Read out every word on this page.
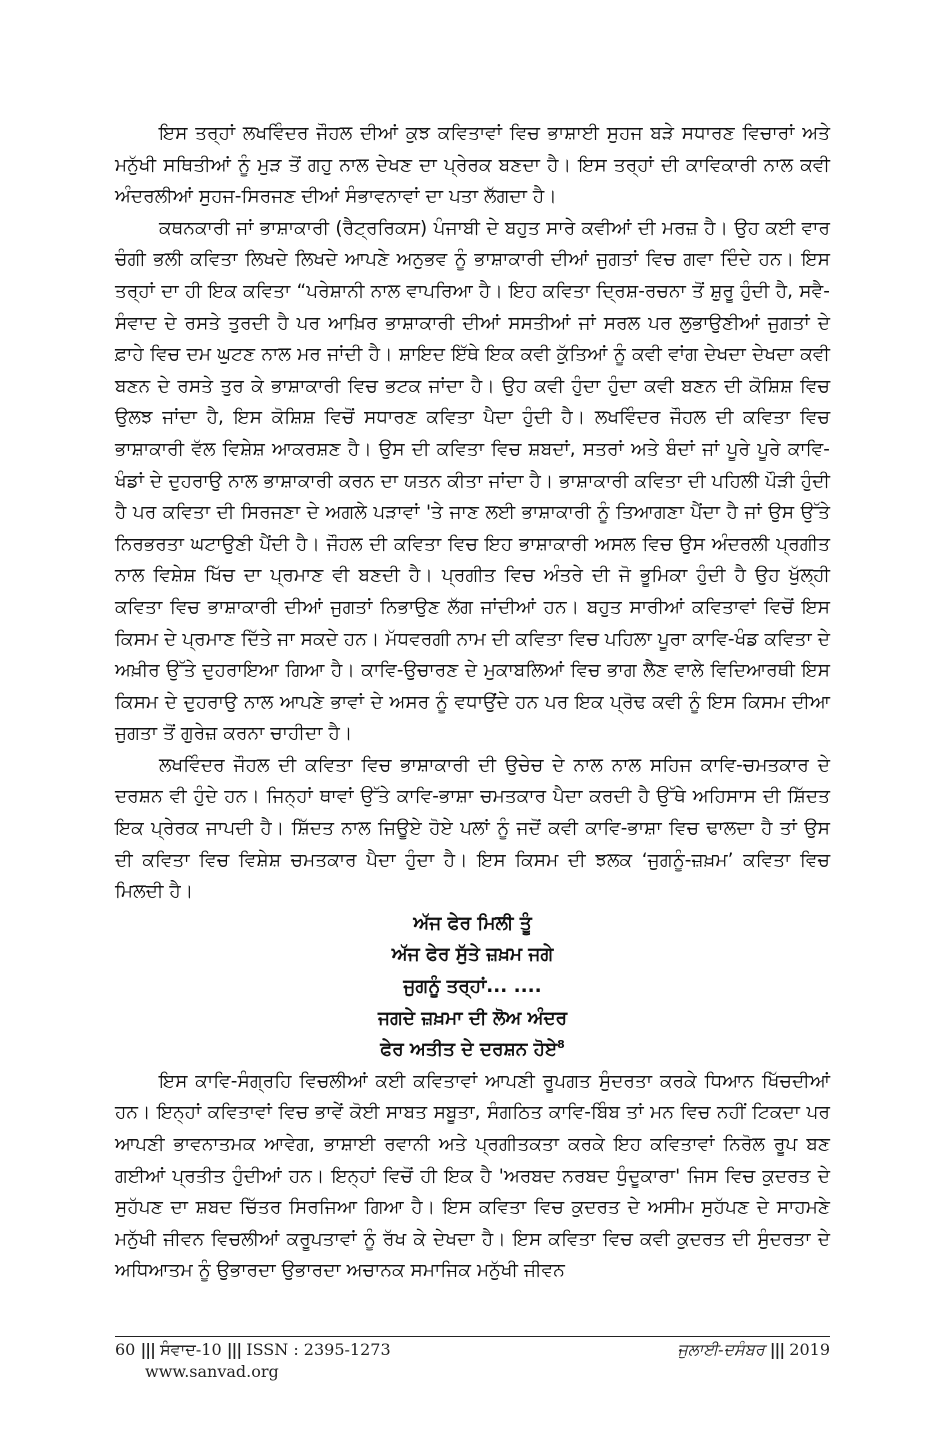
ਇਸ ਤਰ੍ਹਾਂ ਲਖਵਿੰਦਰ ਜੌਹਲ ਦੀਆਂ ਕੁਝ ਕਵਿਤਾਵਾਂ ਵਿਚ ਭਾਸ਼ਾਈ ਸੁਹਜ ਬੜੇ ਸਧਾਰਣ ਵਿਚਾਰਾਂ ਅਤੇ ਮਨੁੱਖੀ ਸਥਿਤੀਆਂ ਨੂੰ ਮੁੜ ਤੋਂ ਗਹੁ ਨਾਲ ਦੇਖਣ ਦਾ ਪ੍ਰੇਰਕ ਬਣਦਾ ਹੈ। ਇਸ ਤਰ੍ਹਾਂ ਦੀ ਕਾਵਿਕਾਰੀ ਨਾਲ ਕਵੀ ਅੰਦਰਲੀਆਂ ਸੁਹਜ-ਸਿਰਜਣ ਦੀਆਂ ਸੰਭਾਵਨਾਵਾਂ ਦਾ ਪਤਾ ਲੱਗਦਾ ਹੈ।

ਕਥਨਕਾਰੀ ਜਾਂ ਭਾਸ਼ਾਕਾਰੀ (ਰੈਟ੍ਰਰਿਕਸ) ਪੰਜਾਬੀ ਦੇ ਬਹੁਤ ਸਾਰੇ ਕਵੀਆਂ ਦੀ ਮਰਜ਼ ਹੈ। ਉਹ ਕਈ ਵਾਰ ਚੰਗੀ ਭਲੀ ਕਵਿਤਾ ਲਿਖਦੇ ਲਿਖਦੇ ਆਪਣੇ ਅਨੁਭਵ ਨੂੰ ਭਾਸ਼ਾਕਾਰੀ ਦੀਆਂ ਜੁਗਤਾਂ ਵਿਚ ਗਵਾ ਦਿੰਦੇ ਹਨ। ਇਸ ਤਰ੍ਹਾਂ ਦਾ ਹੀ ਇਕ ਕਵਿਤਾ “ਪਰੇਸ਼ਾਨੀ ਨਾਲ ਵਾਪਰਿਆ ਹੈ। ਇਹ ਕਵਿਤਾ ਦ੍ਰਿਸ਼-ਰਚਨਾ ਤੋਂ ਸ਼ੁਰੂ ਹੁੰਦੀ ਹੈ, ਸਵੈ-ਸੰਵਾਦ ਦੇ ਰਸਤੇ ਤੁਰਦੀ ਹੈ ਪਰ ਆਖ਼ਿਰ ਭਾਸ਼ਾਕਾਰੀ ਦੀਆਂ ਸਸਤੀਆਂ ਜਾਂ ਸਰਲ ਪਰ ਲੁਭਾਉਣੀਆਂ ਜੁਗਤਾਂ ਦੇ ਫ਼ਾਹੇ ਵਿਚ ਦਮ ਘੁਟਣ ਨਾਲ ਮਰ ਜਾਂਦੀ ਹੈ। ਸ਼ਾਇਦ ਇੱਥੇ ਇਕ ਕਵੀ ਕੁੱਤਿਆਂ ਨੂੰ ਕਵੀ ਵਾਂਗ ਦੇਖਦਾ ਦੇਖਦਾ ਕਵੀ ਬਣਨ ਦੇ ਰਸਤੇ ਤੁਰ ਕੇ ਭਾਸ਼ਾਕਾਰੀ ਵਿਚ ਭਟਕ ਜਾਂਦਾ ਹੈ। ਉਹ ਕਵੀ ਹੁੰਦਾ ਹੁੰਦਾ ਕਵੀ ਬਣਨ ਦੀ ਕੋਸ਼ਿਸ਼ ਵਿਚ ਉਲਝ ਜਾਂਦਾ ਹੈ, ਇਸ ਕੋਸ਼ਿਸ਼ ਵਿਚੋਂ ਸਧਾਰਣ ਕਵਿਤਾ ਪੈਦਾ ਹੁੰਦੀ ਹੈ। ਲਖਵਿੰਦਰ ਜੌਹਲ ਦੀ ਕਵਿਤਾ ਵਿਚ ਭਾਸ਼ਾਕਾਰੀ ਵੱਲ ਵਿਸ਼ੇਸ਼ ਆਕਰਸ਼ਣ ਹੈ। ਉਸ ਦੀ ਕਵਿਤਾ ਵਿਚ ਸ਼ਬਦਾਂ, ਸਤਰਾਂ ਅਤੇ ਬੰਦਾਂ ਜਾਂ ਪੂਰੇ ਪੂਰੇ ਕਾਵਿ-ਖੰਡਾਂ ਦੇ ਦੁਹਰਾਉ ਨਾਲ ਭਾਸ਼ਾਕਾਰੀ ਕਰਨ ਦਾ ਯਤਨ ਕੀਤਾ ਜਾਂਦਾ ਹੈ। ਭਾਸ਼ਾਕਾਰੀ ਕਵਿਤਾ ਦੀ ਪਹਿਲੀ ਪੌੜੀ ਹੁੰਦੀ ਹੈ ਪਰ ਕਵਿਤਾ ਦੀ ਸਿਰਜਣਾ ਦੇ ਅਗਲੇ ਪੜਾਵਾਂ 'ਤੇ ਜਾਣ ਲਈ ਭਾਸ਼ਾਕਾਰੀ ਨੂੰ ਤਿਆਗਣਾ ਪੈਂਦਾ ਹੈ ਜਾਂ ਉਸ ਉੱਤੇ ਨਿਰਭਰਤਾ ਘਟਾਉਣੀ ਪੈਂਦੀ ਹੈ। ਜੌਹਲ ਦੀ ਕਵਿਤਾ ਵਿਚ ਇਹ ਭਾਸ਼ਾਕਾਰੀ ਅਸਲ ਵਿਚ ਉਸ ਅੰਦਰਲੀ ਪ੍ਰਗੀਤ ਨਾਲ ਵਿਸ਼ੇਸ਼ ਖਿੱਚ ਦਾ ਪ੍ਰਮਾਣ ਵੀ ਬਣਦੀ ਹੈ। ਪ੍ਰਗੀਤ ਵਿਚ ਅੰਤਰੇ ਦੀ ਜੋ ਭੂਮਿਕਾ ਹੁੰਦੀ ਹੈ ਉਹ ਖੁੱਲ੍ਹੀ ਕਵਿਤਾ ਵਿਚ ਭਾਸ਼ਾਕਾਰੀ ਦੀਆਂ ਜੁਗਤਾਂ ਨਿਭਾਉਣ ਲੱਗ ਜਾਂਦੀਆਂ ਹਨ। ਬਹੁਤ ਸਾਰੀਆਂ ਕਵਿਤਾਵਾਂ ਵਿਚੋਂ ਇਸ ਕਿਸਮ ਦੇ ਪ੍ਰਮਾਣ ਦਿੱਤੇ ਜਾ ਸਕਦੇ ਹਨ। ਮੱਧਵਰਗੀ ਨਾਮ ਦੀ ਕਵਿਤਾ ਵਿਚ ਪਹਿਲਾ ਪੂਰਾ ਕਾਵਿ-ਖੰਡ ਕਵਿਤਾ ਦੇ ਅਖ਼ੀਰ ਉੱਤੇ ਦੁਹਰਾਇਆ ਗਿਆ ਹੈ। ਕਾਵਿ-ਉਚਾਰਣ ਦੇ ਮੁਕਾਬਲਿਆਂ ਵਿਚ ਭਾਗ ਲੈਣ ਵਾਲੇ ਵਿਦਿਆਰਥੀ ਇਸ ਕਿਸਮ ਦੇ ਦੁਹਰਾਉ ਨਾਲ ਆਪਣੇ ਭਾਵਾਂ ਦੇ ਅਸਰ ਨੂੰ ਵਧਾਉਂਦੇ ਹਨ ਪਰ ਇਕ ਪ੍ਰੋਢ ਕਵੀ ਨੂੰ ਇਸ ਕਿਸਮ ਦੀਆ ਜੁਗਤਾ ਤੋਂ ਗੁਰੇਜ਼ ਕਰਨਾ ਚਾਹੀਦਾ ਹੈ।

ਲਖਵਿੰਦਰ ਜੌਹਲ ਦੀ ਕਵਿਤਾ ਵਿਚ ਭਾਸ਼ਾਕਾਰੀ ਦੀ ਉਚੇਚ ਦੇ ਨਾਲ ਨਾਲ ਸਹਿਜ ਕਾਵਿ-ਚਮਤਕਾਰ ਦੇ ਦਰਸ਼ਨ ਵੀ ਹੁੰਦੇ ਹਨ। ਜਿਨ੍ਹਾਂ ਥਾਵਾਂ ਉੱਤੇ ਕਾਵਿ-ਭਾਸ਼ਾ ਚਮਤਕਾਰ ਪੈਦਾ ਕਰਦੀ ਹੈ ਉੱਥੇ ਅਹਿਸਾਸ ਦੀ ਸ਼ਿੱਦਤ ਇਕ ਪ੍ਰੇਰਕ ਜਾਪਦੀ ਹੈ। ਸ਼ਿੱਦਤ ਨਾਲ ਜਿਊਏ ਹੋਏ ਪਲਾਂ ਨੂੰ ਜਦੋਂ ਕਵੀ ਕਾਵਿ-ਭਾਸ਼ਾ ਵਿਚ ਢਾਲਦਾ ਹੈ ਤਾਂ ਉਸ ਦੀ ਕਵਿਤਾ ਵਿਚ ਵਿਸ਼ੇਸ਼ ਚਮਤਕਾਰ ਪੈਦਾ ਹੁੰਦਾ ਹੈ। ਇਸ ਕਿਸਮ ਦੀ ਝਲਕ ‘ਜੁਗਨੂੰ-ਜ਼ਖ਼ਮ’ ਕਵਿਤਾ ਵਿਚ ਮਿਲਦੀ ਹੈ।

ਅੱਜ ਫੇਰ ਮਿਲੀ ਤੂੰ

ਅੱਜ ਫੇਰ ਸੁੱਤੇ ਜ਼ਖ਼ਮ ਜਗੇ

ਜੁਗਨੂੰ ਤਰ੍ਹਾਂ... ....

ਜਗਦੇ ਜ਼ਖ਼ਮਾ ਦੀ ਲੋਅ ਅੰਦਰ

ਫੇਰ ਅਤੀਤ ਦੇ ਦਰਸ਼ਨ ਹੋਏ$^8$

ਇਸ ਕਾਵਿ-ਸੰਗ੍ਰਹਿ ਵਿਚਲੀਆਂ ਕਈ ਕਵਿਤਾਵਾਂ ਆਪਣੀ ਰੂਪਗਤ ਸੁੰਦਰਤਾ ਕਰਕੇ ਧਿਆਨ ਖਿੱਚਦੀਆਂ ਹਨ। ਇਨ੍ਹਾਂ ਕਵਿਤਾਵਾਂ ਵਿਚ ਭਾਵੇਂ ਕੋਈ ਸਾਬਤ ਸਬੂਤਾ, ਸੰਗਠਿਤ ਕਾਵਿ-ਬਿੰਬ ਤਾਂ ਮਨ ਵਿਚ ਨਹੀਂ ਟਿਕਦਾ ਪਰ ਆਪਣੀ ਭਾਵਨਾਤਮਕ ਆਵੇਗ, ਭਾਸ਼ਾਈ ਰਵਾਨੀ ਅਤੇ ਪ੍ਰਗੀਤਕਤਾ ਕਰਕੇ ਇਹ ਕਵਿਤਾਵਾਂ ਨਿਰੋਲ ਰੂਪ ਬਣ ਗਈਆਂ ਪ੍ਰਤੀਤ ਹੁੰਦੀਆਂ ਹਨ। ਇਨ੍ਹਾਂ ਵਿਚੋਂ ਹੀ ਇਕ ਹੈ 'ਅਰਬਦ ਨਰਬਦ ਧੁੰਦੂਕਾਰਾ' ਜਿਸ ਵਿਚ ਕੁਦਰਤ ਦੇ ਸੁਹੱਪਣ ਦਾ ਸ਼ਬਦ ਚਿੱਤਰ ਸਿਰਜਿਆ ਗਿਆ ਹੈ। ਇਸ ਕਵਿਤਾ ਵਿਚ ਕੁਦਰਤ ਦੇ ਅਸੀਮ ਸੁਹੱਪਣ ਦੇ ਸਾਹਮਣੇ ਮਨੁੱਖੀ ਜੀਵਨ ਵਿਚਲੀਆਂ ਕਰੂਪਤਾਵਾਂ ਨੂੰ ਰੱਖ ਕੇ ਦੇਖਦਾ ਹੈ। ਇਸ ਕਵਿਤਾ ਵਿਚ ਕਵੀ ਕੁਦਰਤ ਦੀ ਸੁੰਦਰਤਾ ਦੇ ਅਧਿਆਤਮ ਨੂੰ ਉਭਾਰਦਾ ਉਭਾਰਦਾ ਅਚਾਨਕ ਸਮਾਜਿਕ ਮਨੁੱਖੀ ਜੀਵਨ

60 ||| ਸੰਵਾਦ-10 ||| ISSN : 2395-1273
www.sanvad.org
ਜੁਲਾਈ-ਦਸੰਬਰ ||| 2019
